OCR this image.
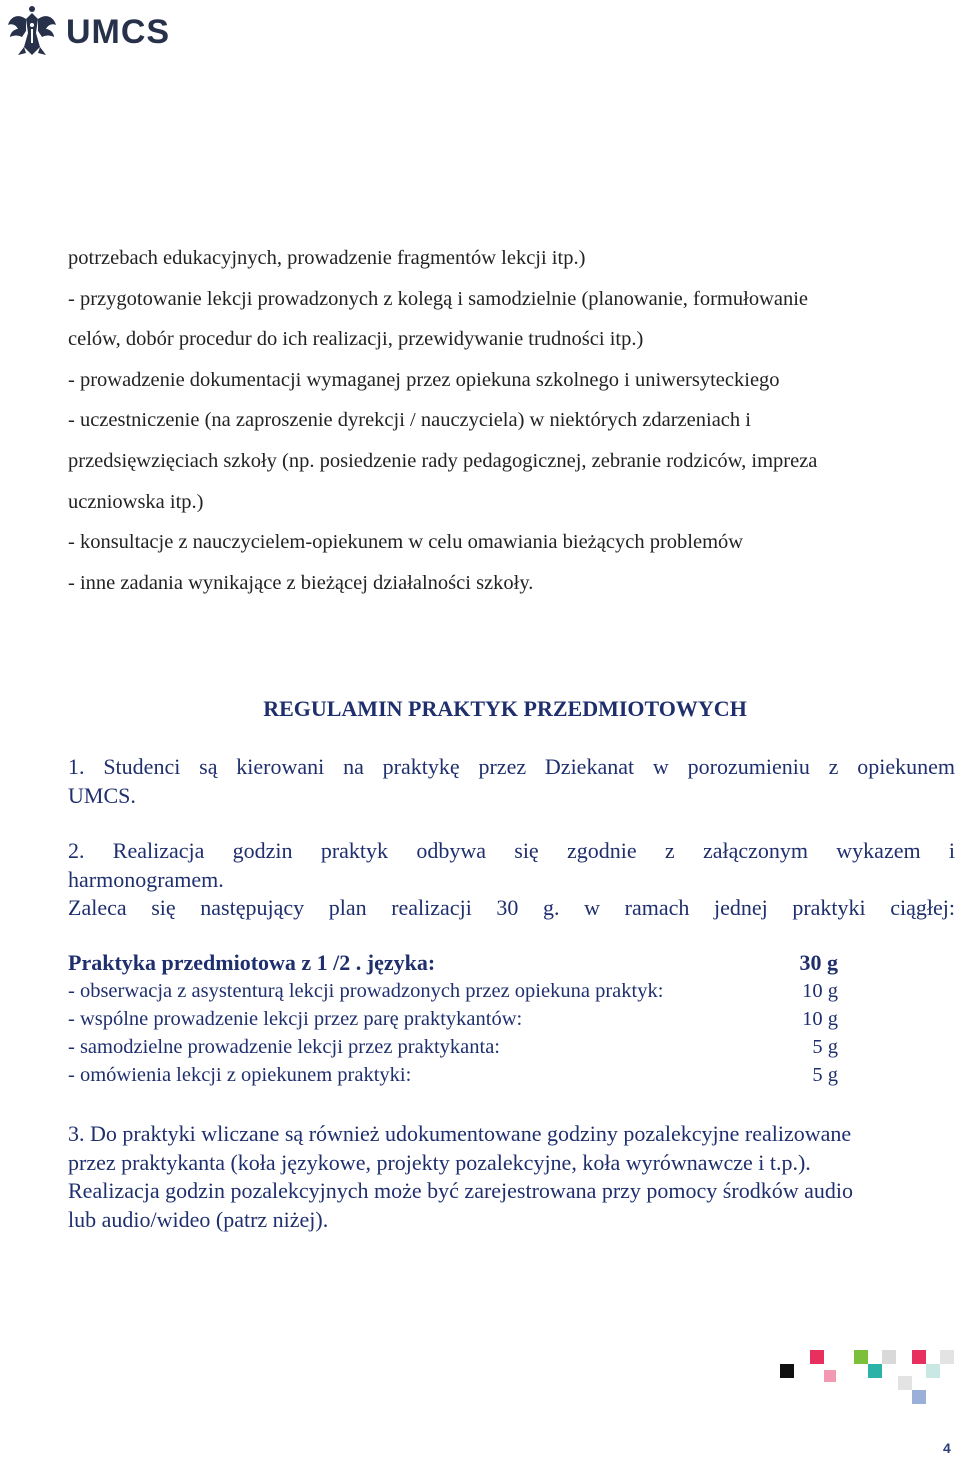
UMCS
potrzebach edukacyjnych, prowadzenie fragmentów lekcji itp.)
- przygotowanie lekcji prowadzonych z kolegą i samodzielnie (planowanie, formułowanie
celów, dobór procedur do ich realizacji, przewidywanie trudności itp.)
- prowadzenie dokumentacji wymaganej przez opiekuna szkolnego i uniwersyteckiego
- uczestniczenie (na zaproszenie dyrekcji / nauczyciela) w niektórych zdarzeniach i
przedsięwzięciach szkoły (np. posiedzenie rady pedagogicznej, zebranie rodziców, impreza
uczniowska itp.)
- konsultacje z nauczycielem-opiekunem w celu omawiania bieżących problemów
- inne zadania wynikające z bieżącej działalności szkoły.
REGULAMIN PRAKTYK PRZEDMIOTOWYCH
1. Studenci są kierowani na praktykę przez Dziekanat w porozumieniu z opiekunem
UMCS.
2. Realizacja godzin praktyk odbywa się zgodnie z załączonym wykazem i
harmonogramem.
Zaleca się następujący plan realizacji 30 g. w ramach jednej praktyki ciągłej:
Praktyka przedmiotowa z 1 /2 . języka:	30 g
- obserwacja z asystenturą lekcji prowadzonych przez opiekuna praktyk:	10 g
- wspólne prowadzenie lekcji przez parę praktykantów:	10 g
- samodzielne prowadzenie lekcji przez praktykanta:	5 g
- omówienia lekcji z opiekunem praktyki:	5 g
3. Do praktyki wliczane są również udokumentowane godziny pozalekcyjne realizowane
przez praktykanta (koła językowe, projekty pozalekcyjne, koła wyrównawcze i t.p.).
Realizacja godzin pozalekcyjnych może być zarejestrowana przy pomocy środków audio
lub audio/wideo (patrz niżej).
4
